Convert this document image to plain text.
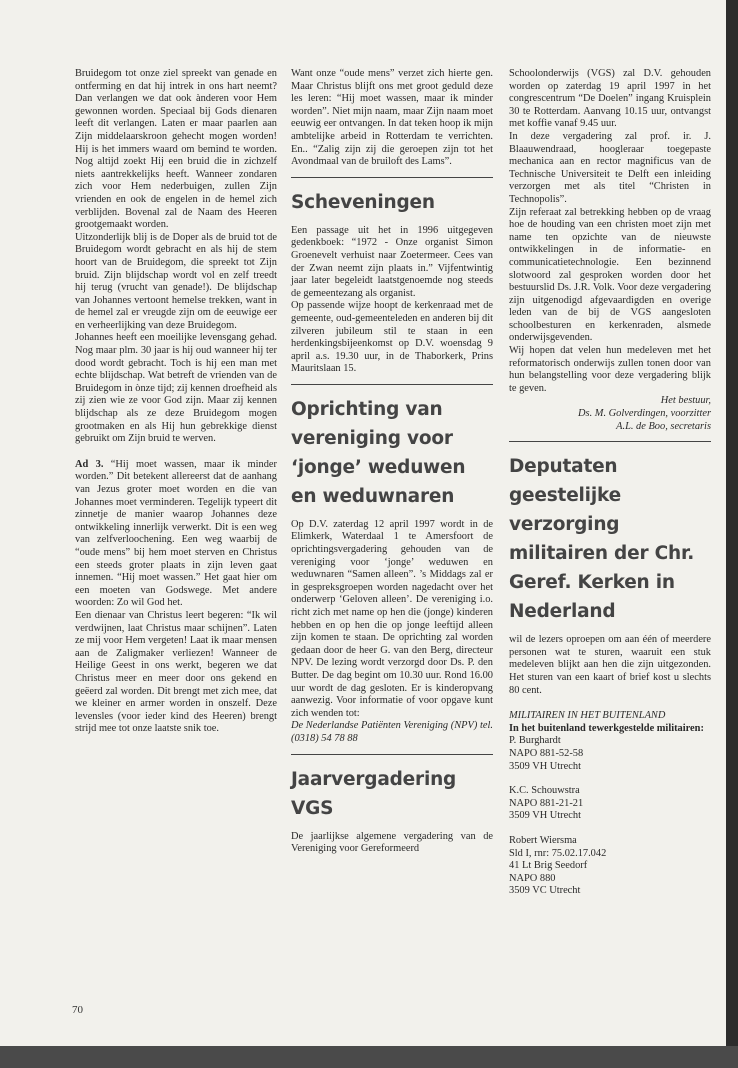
Bruidegom tot onze ziel spreekt van genade en ontferming en dat hij intrek in ons hart neemt? Dan verlangen we dat ook ànderen voor Hem gewonnen worden. Speciaal bij Gods dienaren leeft dit verlangen. Laten er maar paarlen aan Zijn middelaarskroon gehecht mogen worden! Hij is het immers waard om bemind te worden. Nog altijd zoekt Hij een bruid die in zichzelf niets aantrekkelijks heeft. Wanneer zondaren zich voor Hem nederbuigen, zullen Zijn vrienden en ook de engelen in de hemel zich verblijden. Bovenal zal de Naam des Heeren grootgemaakt worden.

Uitzonderlijk blij is de Doper als de bruid tot de Bruidegom wordt gebracht en als hij de stem hoort van de Bruidegom, die spreekt tot Zijn bruid. Zijn blijdschap wordt vol en zelf treedt hij terug (vrucht van genade!). De blijdschap van Johannes vertoont hemelse trekken, want in de hemel zal er vreugde zijn om de eeuwige eer en verheerlijking van deze Bruidegom.

Johannes heeft een moeilijke levensgang gehad. Nog maar plm. 30 jaar is hij oud wanneer hij ter dood wordt gebracht. Toch is hij een man met echte blijdschap. Wat betreft de vrienden van de Bruidegom in ònze tijd; zij kennen droefheid als zij zien wie ze voor God zijn. Maar zij kennen blijdschap als ze deze Bruidegom mogen grootmaken en als Hij hun gebrekkige dienst gebruikt om Zijn bruid te werven.

Ad 3. “Hij moet wassen, maar ik minder worden.” Dit betekent allereerst dat de aanhang van Jezus groter moet worden en die van Johannes moet verminderen. Tegelijk typeert dit zinnetje de manier waarop Johannes deze ontwikkeling innerlijk verwerkt. Dit is een weg van zelfverloochening. Een weg waarbij de “oude mens” bij hem moet sterven en Christus een steeds groter plaats in zijn leven gaat innemen. “Hij moet wassen.” Het gaat hier om een moeten van Godswege. Met andere woorden: Zo wil God het.

Een dienaar van Christus leert begeren: “Ik wil verdwijnen, laat Christus maar schijnen”. Laten ze mij voor Hem vergeten! Laat ik maar mensen aan de Zaligmaker verliezen! Wanneer de Heilige Geest in ons werkt, begeren we dat Christus meer en meer door ons gekend en geëerd zal worden. Dit brengt met zich mee, dat we kleiner en armer worden in onszelf. Deze levensles (voor ieder kind des Heeren) brengt strijd mee tot onze laatste snik toe.

Want onze “oude mens” verzet zich hierte gen. Maar Christus blijft ons met groot geduld deze les leren: “Hij moet wassen, maar ik minder worden”. Niet mijn naam, maar Zijn naam moet eeuwig eer ontvangen. In dat teken hoop ik mijn ambtelijke arbeid in Rotterdam te verrichten. En.. “Zalig zijn zij die geroepen zijn tot het Avondmaal van de bruiloft des Lams”.

Scheveningen

Een passage uit het in 1996 uitgegeven gedenkboek: “1972 - Onze organist Simon Groenevelt verhuist naar Zoetermeer. Cees van der Zwan neemt zijn plaats in.” Vijfentwintig jaar later begeleidt laatstgenoemde nog steeds de gemeentezang als organist.

Op passende wijze hoopt de kerkenraad met de gemeente, oud-gemeenteleden en anderen bij dit zilveren jubileum stil te staan in een herdenkingsbijeenkomst op D.V. woensdag 9 april a.s. 19.30 uur, in de Thaborkerk, Prins Mauritslaan 15.

Oprichting van vereniging voor ‘jonge’ weduwen en weduwnaren

Op D.V. zaterdag 12 april 1997 wordt in de Elimkerk, Waterdaal 1 te Amersfoort de oprichtingsvergadering gehouden van de vereniging voor ‘jonge’ weduwen en weduwnaren “Samen alleen”. ’s Middags zal er in gespreksgroepen worden nagedacht over het onderwerp ‘Geloven alleen’. De vereniging i.o. richt zich met name op hen die (jonge) kinderen hebben en op hen die op jonge leeftijd alleen zijn komen te staan. De oprichting zal worden gedaan door de heer G. van den Berg, directeur NPV. De lezing wordt verzorgd door Ds. P. den Butter. De dag begint om 10.30 uur. Rond 16.00 uur wordt de dag gesloten. Er is kinderopvang aanwezig. Voor informatie of voor opgave kunt zich wenden tot:

De Nederlandse Patiënten Vereniging (NPV) tel. (0318) 54 78 88

Jaarvergadering VGS

De jaarlijkse algemene vergadering van de Vereniging voor Gereformeerd

Schoolonderwijs (VGS) zal D.V. gehouden worden op zaterdag 19 april 1997 in het congrescentrum “De Doelen” ingang Kruisplein 30 te Rotterdam. Aanvang 10.15 uur, ontvangst met koffie vanaf 9.45 uur.

In deze vergadering zal prof. ir. J. Blaauwendraad, hoogleraar toegepaste mechanica aan en rector magnificus van de Technische Universiteit te Delft een inleiding verzorgen met als titel “Christen in Technopolis”.

Zijn referaat zal betrekking hebben op de vraag hoe de houding van een christen moet zijn met name ten opzichte van de nieuwste ontwikkelingen in de informatie- en communicatietechnologie. Een bezinnend slotwoord zal gesproken worden door het bestuurslid Ds. J.R. Volk. Voor deze vergadering zijn uitgenodigd afgevaardigden en overige leden van de bij de VGS aangesloten schoolbesturen en kerkenraden, alsmede onderwijsgevenden.

Wij hopen dat velen hun medeleven met het reformatorisch onderwijs zullen tonen door van hun belangstelling voor deze vergadering blijk te geven.

Het bestuur,

Ds. M. Golverdingen, voorzitter

A.L. de Boo, secretaris

Deputaten geestelijke verzorging militairen der Chr. Geref. Kerken in Nederland

wil de lezers oproepen om aan één of meerdere personen wat te sturen, waaruit een stuk medeleven blijkt aan hen die zijn uitgezonden. Het sturen van een kaart of brief kost u slechts 80 cent.

MILITAIREN IN HET BUITENLAND

In het buitenland tewerkgestelde militairen:

P. Burghardt
NAPO 881-52-58
3509 VH Utrecht
K.C. Schouwstra
NAPO 881-21-21
3509 VH Utrecht
Robert Wiersma
Sld I, rnr: 75.02.17.042
41 Lt Brig Seedorf
NAPO 880
3509 VC Utrecht
70
